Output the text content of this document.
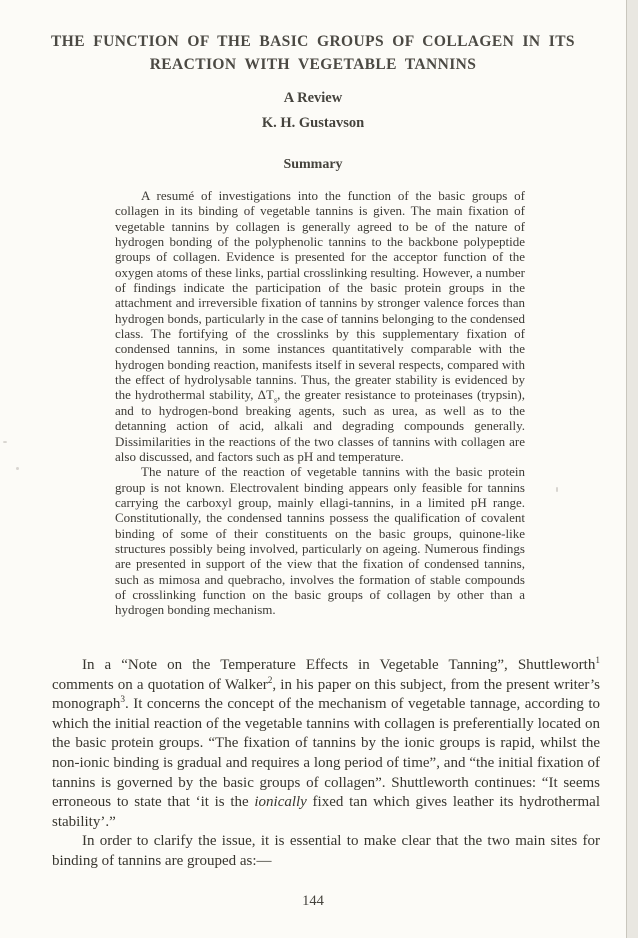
THE FUNCTION OF THE BASIC GROUPS OF COLLAGEN IN ITS
REACTION WITH VEGETABLE TANNINS
A Review
K. H. Gustavson
Summary

A resumé of investigations into the function of the basic groups of collagen in its binding of vegetable tannins is given. The main fixation of vegetable tannins by collagen is generally agreed to be of the nature of hydrogen bonding of the polyphenolic tannins to the backbone polypeptide groups of collagen. Evidence is presented for the acceptor function of the oxygen atoms of these links, partial crosslinking resulting. However, a number of findings indicate the participation of the basic protein groups in the attachment and irreversible fixation of tannins by stronger valence forces than hydrogen bonds, particularly in the case of tannins belonging to the condensed class. The fortifying of the crosslinks by this supplementary fixation of condensed tannins, in some instances quantitatively comparable with the hydrogen bonding reaction, manifests itself in several respects, compared with the effect of hydrolysable tannins. Thus, the greater stability is evidenced by the hydrothermal stability, $\Delta T_s$, the greater resistance to proteinases (trypsin), and to hydrogen-bond breaking agents, such as urea, as well as to the detanning action of acid, alkali and degrading compounds generally. Dissimilarities in the reactions of the two classes of tannins with collagen are also discussed, and factors such as pH and temperature.

The nature of the reaction of vegetable tannins with the basic protein group is not known. Electrovalent binding appears only feasible for tannins carrying the carboxyl group, mainly ellagi-tannins, in a limited pH range. Constitutionally, the condensed tannins possess the qualification of covalent binding of some of their constituents on the basic groups, quinone-like structures possibly being involved, particularly on ageing. Numerous findings are presented in support of the view that the fixation of condensed tannins, such as mimosa and quebracho, involves the formation of stable compounds of crosslinking function on the basic groups of collagen by other than a hydrogen bonding mechanism.

In a “Note on the Temperature Effects in Vegetable Tanning”, Shuttleworth$^1$ comments on a quotation of Walker$^2$, in his paper on this subject, from the present writer’s monograph$^3$. It concerns the concept of the mechanism of vegetable tannage, according to which the initial reaction of the vegetable tannins with collagen is preferentially located on the basic protein groups. “The fixation of tannins by the ionic groups is rapid, whilst the non-ionic binding is gradual and requires a long period of time”, and “the initial fixation of tannins is governed by the basic groups of collagen”. Shuttleworth continues: “It seems erroneous to state that ‘it is the ionically fixed tan which gives leather its hydrothermal stability’.”

In order to clarify the issue, it is essential to make clear that the two main sites for binding of tannins are grouped as:—

144
